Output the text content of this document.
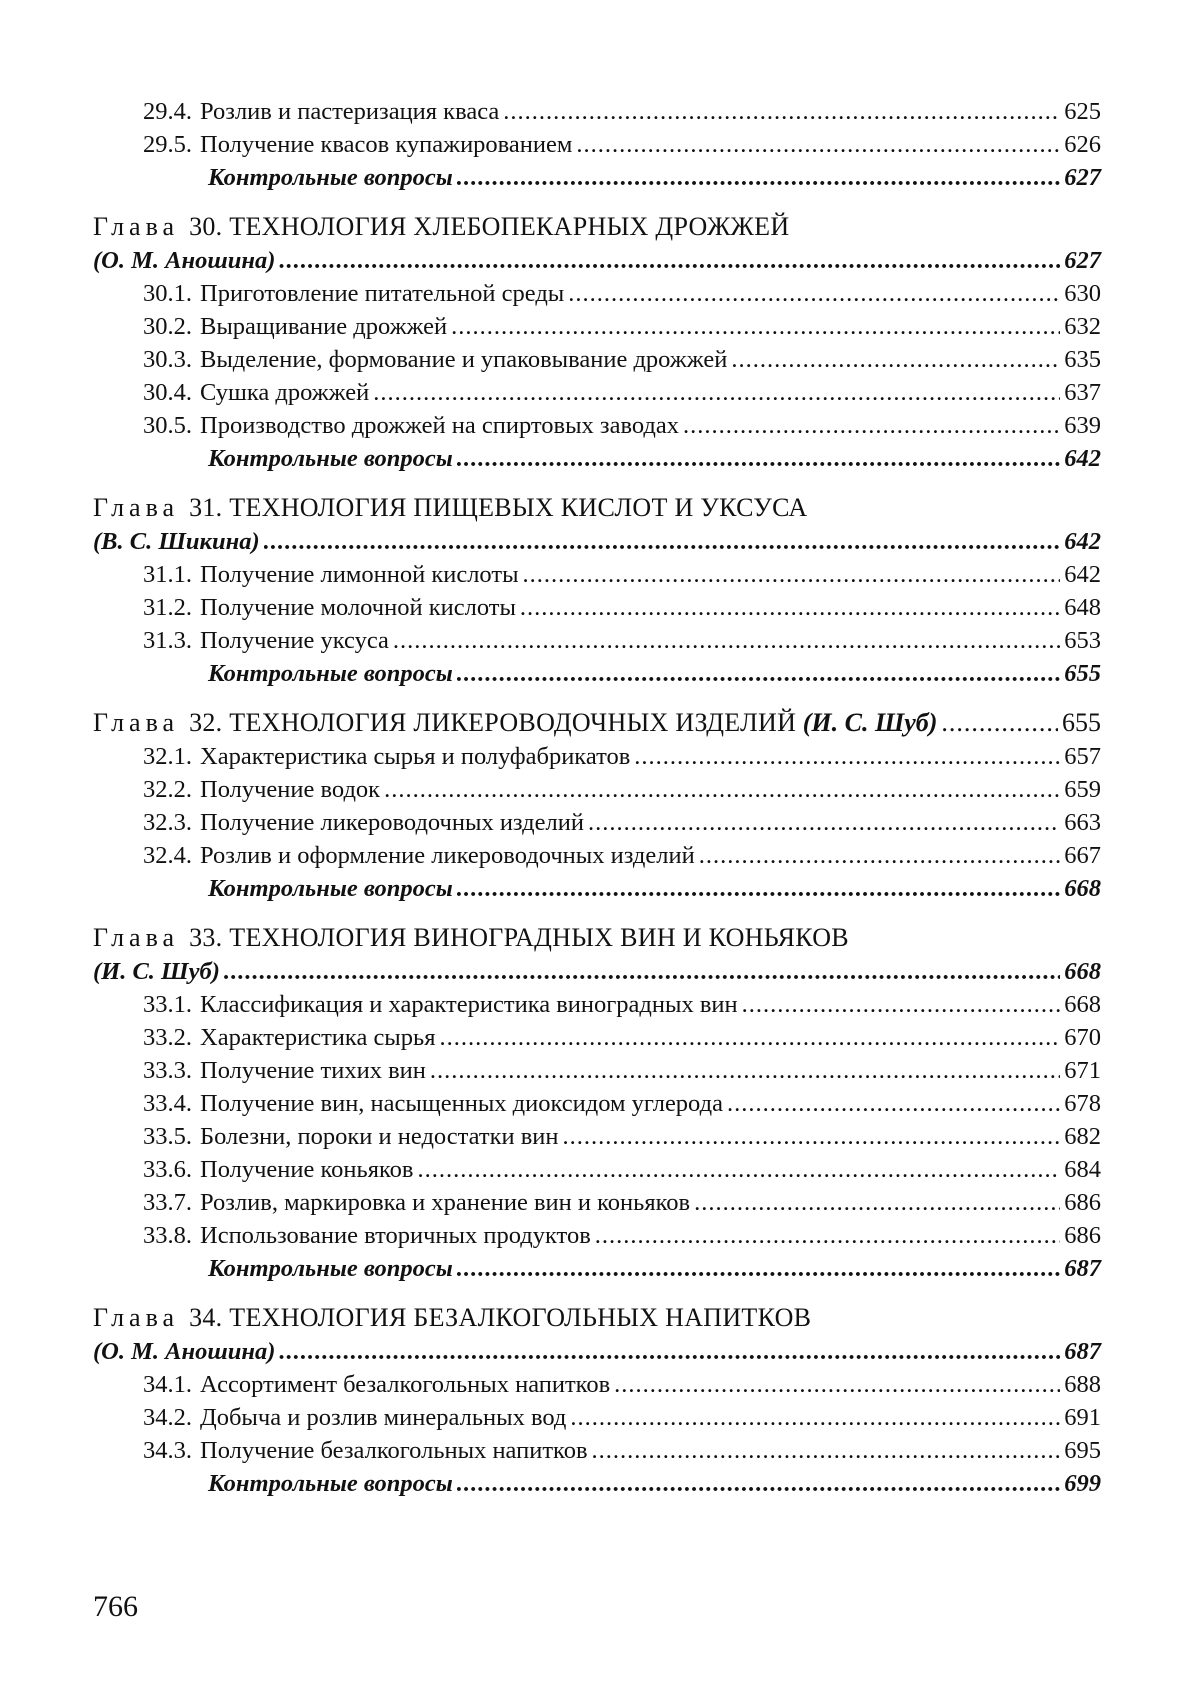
29.4. Розлив и пастеризация кваса .....	625
29.5. Получение квасов купажированием .....	626
Контрольные вопросы .....	627
Глава 30. ТЕХНОЛОГИЯ ХЛЕБОПЕКАРНЫХ ДРОЖЖЕЙ
(О. М. Аношина) .....	627
30.1. Приготовление питательной среды .....	630
30.2. Выращивание дрожжей .....	632
30.3. Выделение, формование и упаковывание дрожжей .....	635
30.4. Сушка дрожжей .....	637
30.5. Производство дрожжей на спиртовых заводах .....	639
Контрольные вопросы .....	642
Глава 31. ТЕХНОЛОГИЯ ПИЩЕВЫХ КИСЛОТ И УКСУСА
(В. С. Шикина) .....	642
31.1. Получение лимонной кислоты .....	642
31.2. Получение молочной кислоты .....	648
31.3. Получение уксуса .....	653
Контрольные вопросы .....	655
Глава 32. ТЕХНОЛОГИЯ ЛИКЕРОВОДОЧНЫХ ИЗДЕЛИЙ (И. С. Шуб) .....	655
32.1. Характеристика сырья и полуфабрикатов .....	657
32.2. Получение водок .....	659
32.3. Получение ликероводочных изделий .....	663
32.4. Розлив и оформление ликероводочных изделий .....	667
Контрольные вопросы .....	668
Глава 33. ТЕХНОЛОГИЯ ВИНОГРАДНЫХ ВИН И КОНЬЯКОВ
(И. С. Шуб) .....	668
33.1. Классификация и характеристика виноградных вин .....	668
33.2. Характеристика сырья .....	670
33.3. Получение тихих вин .....	671
33.4. Получение вин, насыщенных диоксидом углерода .....	678
33.5. Болезни, пороки и недостатки вин .....	682
33.6. Получение коньяков .....	684
33.7. Розлив, маркировка и хранение вин и коньяков .....	686
33.8. Использование вторичных продуктов .....	686
Контрольные вопросы .....	687
Глава 34. ТЕХНОЛОГИЯ БЕЗАЛКОГОЛЬНЫХ НАПИТКОВ
(О. М. Аношина) .....	687
34.1. Ассортимент безалкогольных напитков .....	688
34.2. Добыча и розлив минеральных вод .....	691
34.3. Получение безалкогольных напитков .....	695
Контрольные вопросы .....	699
766
